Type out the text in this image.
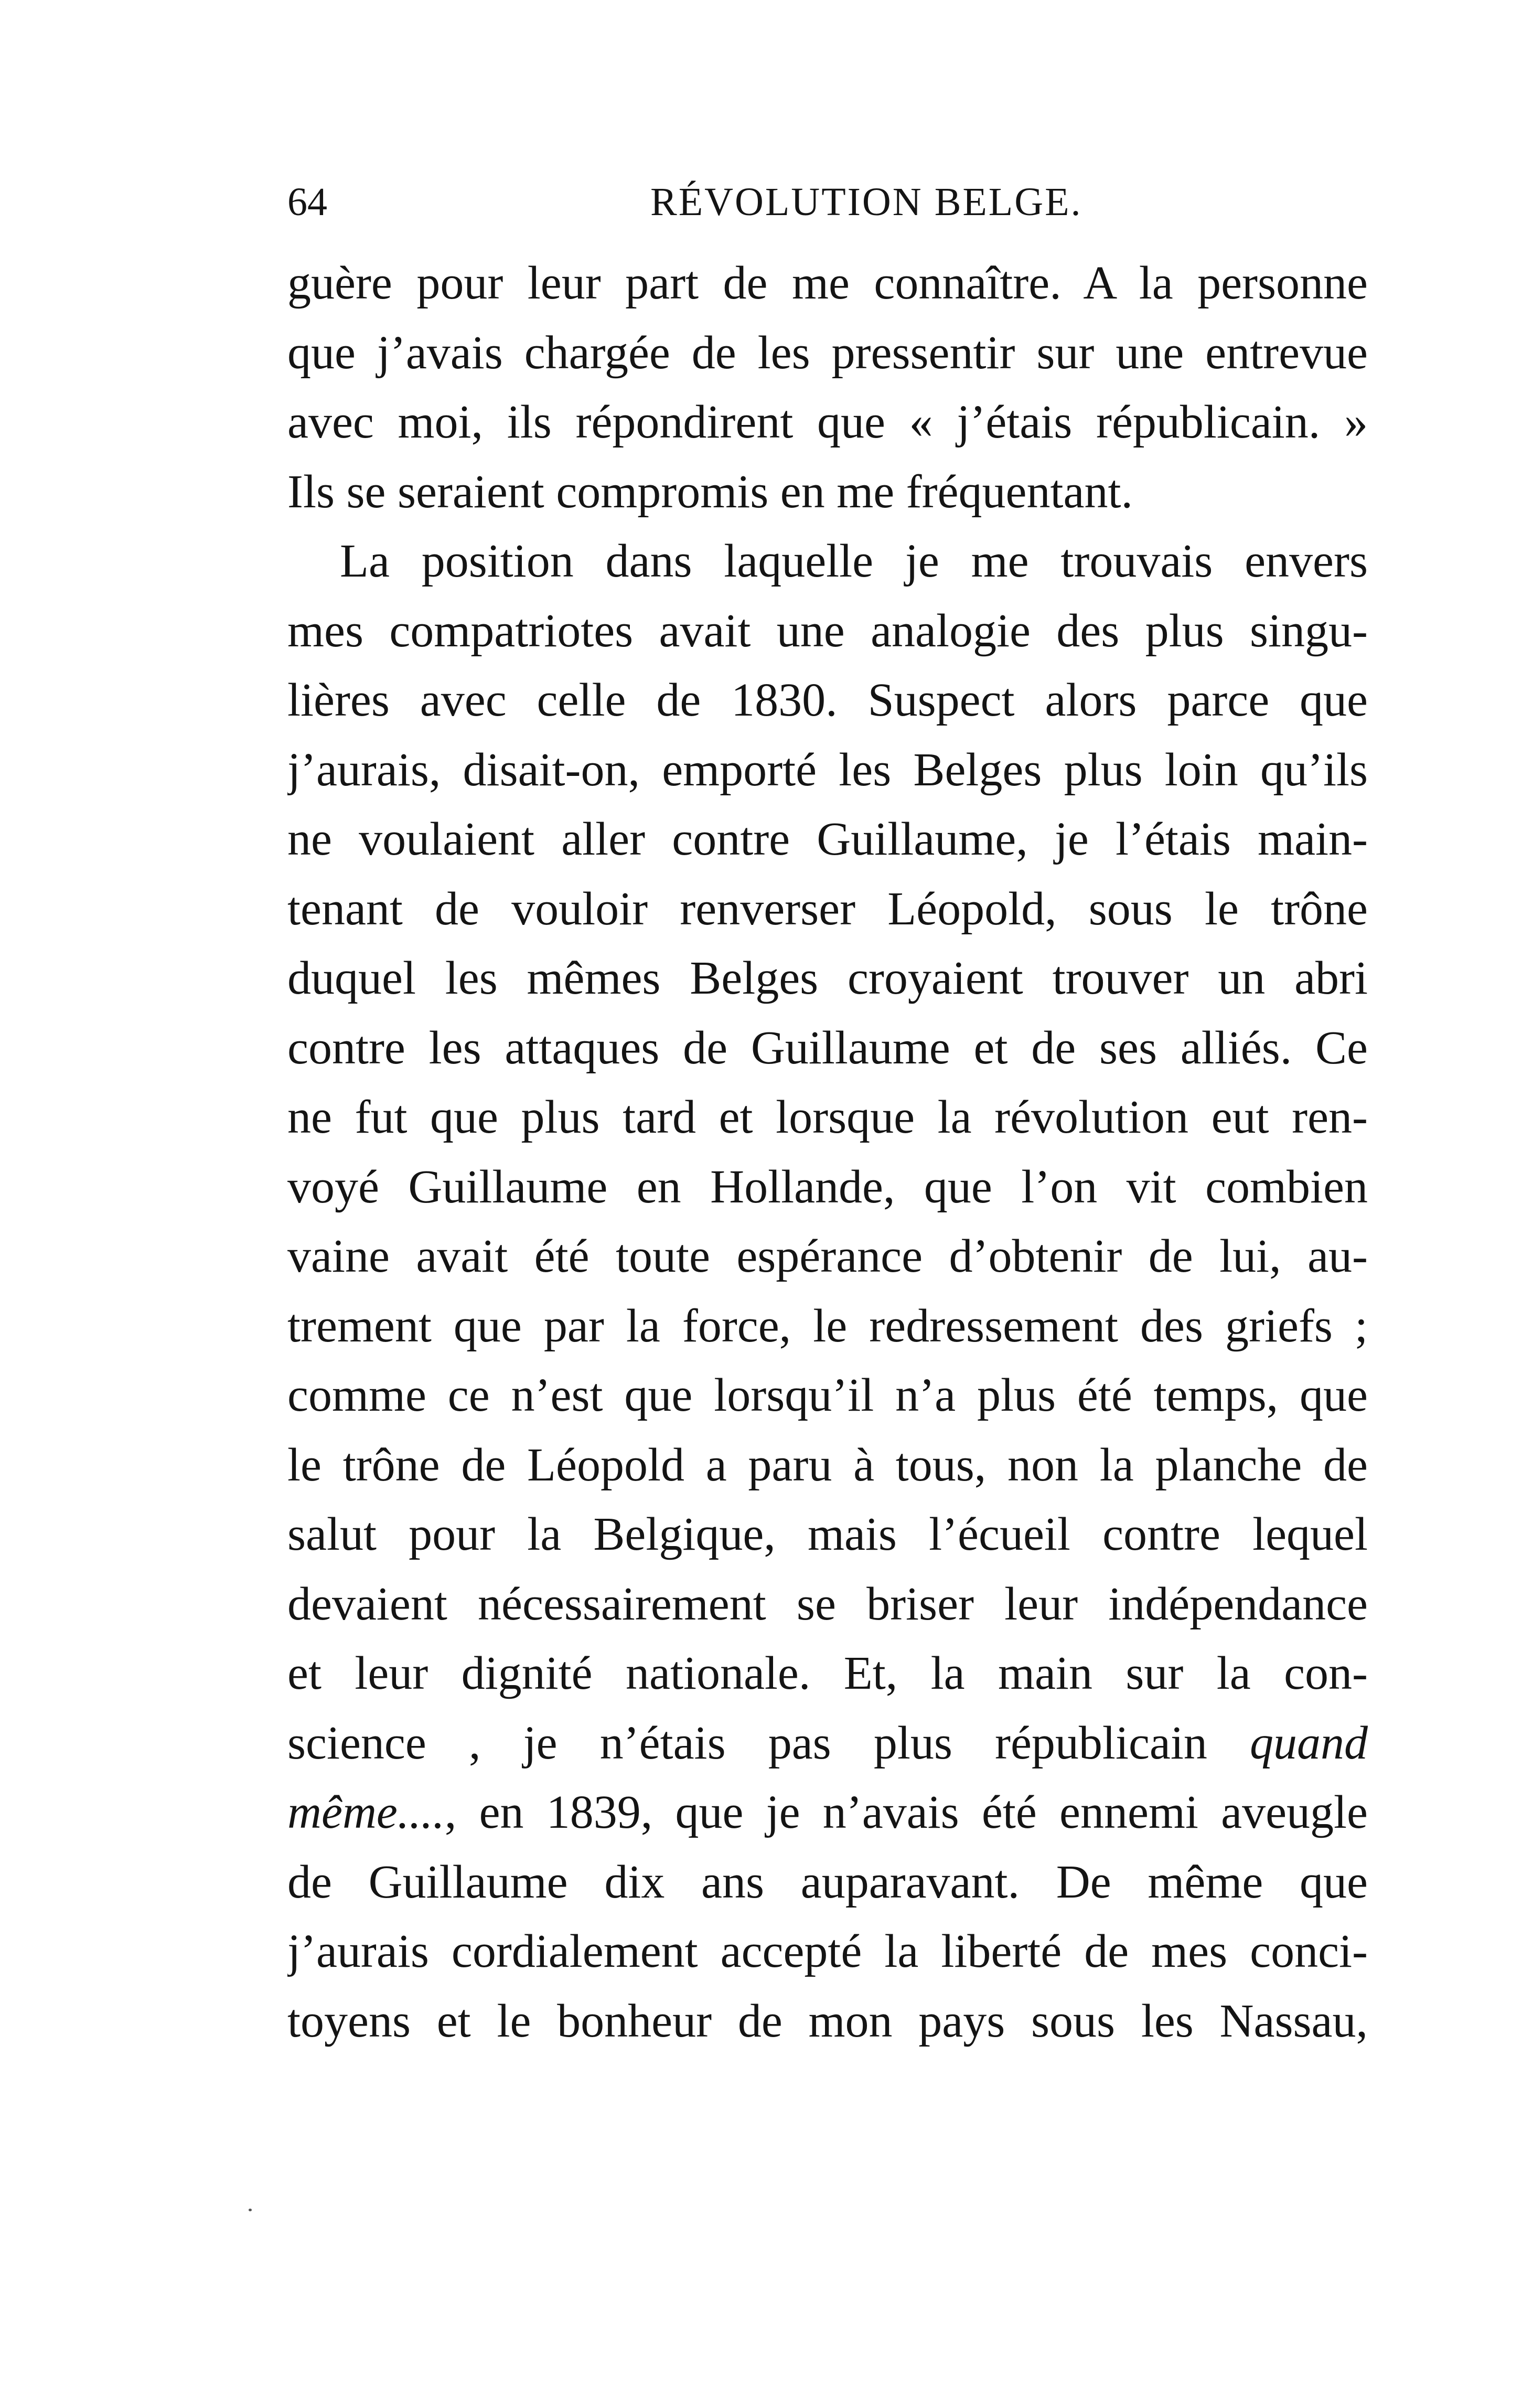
64	RÉVOLUTION BELGE.
guère pour leur part de me connaître. A la personne
que j’avais chargée de les pressentir sur une entrevue
avec moi, ils répondirent que « j’étais républicain. »
Ils se seraient compromis en me fréquentant.
La position dans laquelle je me trouvais envers
mes compatriotes avait une analogie des plus singu-
lières avec celle de 1830. Suspect alors parce que
j’aurais, disait-on, emporté les Belges plus loin qu’ils
ne voulaient aller contre Guillaume, je l’étais main-
tenant de vouloir renverser Léopold, sous le trône
duquel les mêmes Belges croyaient trouver un abri
contre les attaques de Guillaume et de ses alliés. Ce
ne fut que plus tard et lorsque la révolution eut ren-
voyé Guillaume en Hollande, que l’on vit combien
vaine avait été toute espérance d’obtenir de lui, au-
trement que par la force, le redressement des griefs ;
comme ce n’est que lorsqu’il n’a plus été temps, que
le trône de Léopold a paru à tous, non la planche de
salut pour la Belgique, mais l’écueil contre lequel
devaient nécessairement se briser leur indépendance
et leur dignité nationale. Et, la main sur la con-
science , je n’étais pas plus républicain quand
même...., en 1839, que je n’avais été ennemi aveugle
de Guillaume dix ans auparavant. De même que
j’aurais cordialement accepté la liberté de mes conci-
toyens et le bonheur de mon pays sous les Nassau,
